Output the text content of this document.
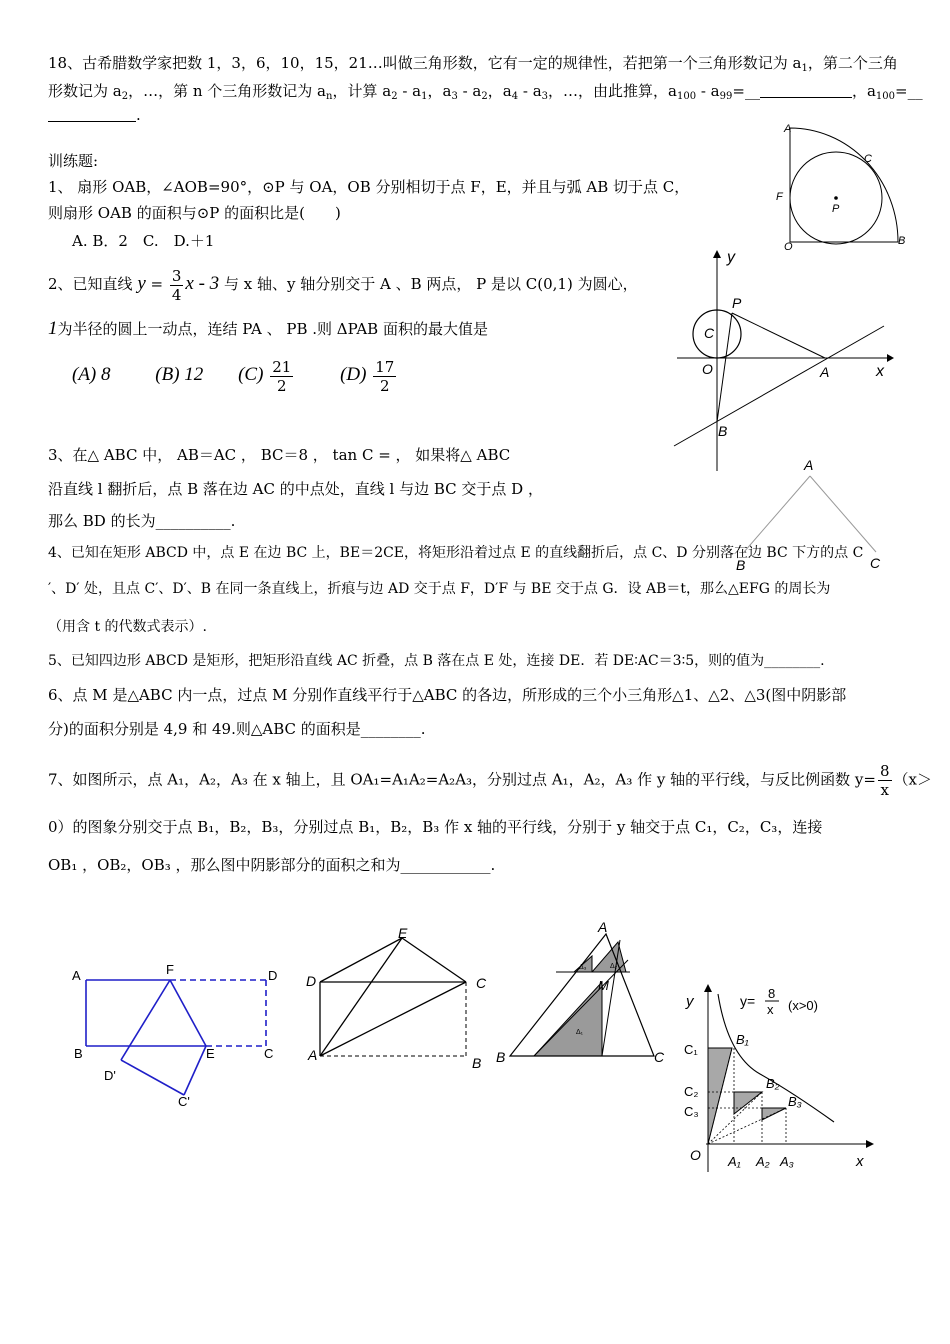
18、古希腊数学家把数 1，3，6，10，15，21…叫做三角形数，它有一定的规律性，若把第一个三角形数记为 $a_1$，第二个三角
形数记为 $a_2$，…，第 n 个三角形数记为 $a_n$，计算 $a_2 - a_1$，$a_3 - a_2$，$a_4 - a_3$，…，由此推算，$a_{100}$ - $a_{99}=\_\_$	，$a_{100}=\_\_$
.
训练题:
1、 扇形 OAB，∠AOB=90°，⊙P 与 OA，OB 分别相切于点 F，E，并且与弧 AB 切于点 C，
则扇形 OAB 的面积与⊙P 的面积比是(　　)
A. B．2　C.　D.＋1
2、已知直线 $y = \frac{3}{4}$ x - 3 与 x 轴、y 轴分别交于 A 、B 两点， P 是以 C(0,1) 为圆心，
1为半径的圆上一动点，连结 PA 、 PB .则 ΔPAB 面积的最大值是
(A) 8 (B) 12 $(C) \frac{21}{2} (D) \frac{17}{2}$
3、在△ ABC 中， AB＝AC ， BC＝8 ， tan C = ， 如果将△ ABC
沿直线 l 翻折后，点 B 落在边 AC 的中点处，直线 l 与边 BC 交于点 D ，
那么 BD 的长为__________.
4、已知在矩形 ABCD 中，点 E 在边 BC 上，BE＝2CE，将矩形沿着过点 E 的直线翻折后，点 C、D 分别落在边 BC 下方的点 C
′、D′ 处，且点 C′、D′、B 在同一条直线上，折痕与边 AD 交于点 F，D′F 与 BE 交于点 G．设 AB＝t，那么△EFG 的周长为
（用含 t 的代数式表示）.
5、已知四边形 ABCD 是矩形，把矩形沿直线 AC 折叠，点 B 落在点 E 处，连接 DE．若 DE∶AC＝3∶5，则的值为________.
6、点 M 是△ABC 内一点，过点 M 分别作直线平行于△ABC 的各边，所形成的三个小三角形△1、△2、△3(图中阴影部
分)的面积分别是 4,9 和 49.则△ABC 的面积是________.
7、如图所示，点 A₁，A₂，A₃ 在 x 轴上，且 OA₁=A₁A₂=A₂A₃，分别过点 A₁，A₂，A₃ 作 y 轴的平行线，与反比例函数 $y= \frac{8}{x} (x>$
0）的图象分别交于点 B₁，B₂，B₃，分别过点 B₁，B₂，B₃ 作 x 轴的平行线，分别于 y 轴交于点 C₁，C₂，C₃，连接
OB₁ ，OB₂，OB₃ ，那么图中阴影部分的面积之和为____________.
A
C
F
P
O	B
y
P
C
O	A	x
B
A
B	C
A	F	D
B	E	C
D'
C'
E
D	C
A	B
A
M
B	C
Δ₁
Δ₂
Δ₃
y	y= 8
x (x>0)
C₁
B₁
C₂
B₂
C₃
B₃
O A₁ A₂ A₃	x
